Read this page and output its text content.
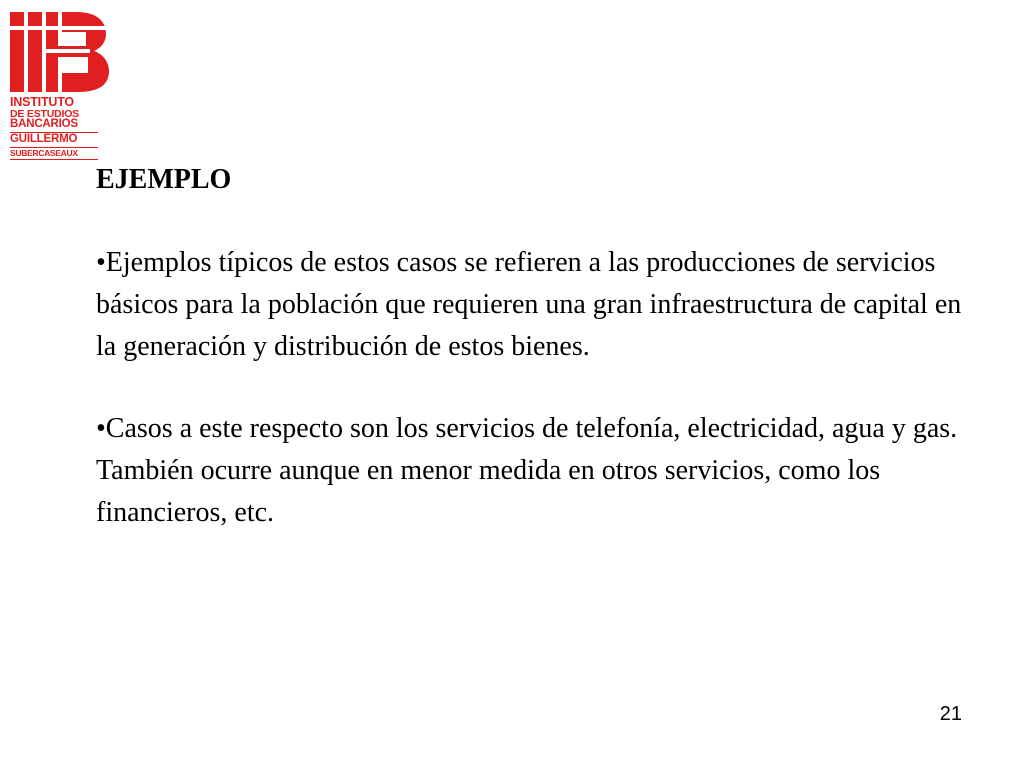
INSTITUTO
DE ESTUDIOS
BANCARIOS
GUILLERMO
SUBERCASEAUX

EJEMPLO

•Ejemplos típicos de estos casos se refieren a las producciones de servicios básicos para la población que requieren una gran infraestructura de capital en la generación y distribución de estos bienes.

•Casos a este respecto son los servicios de telefonía, electricidad, agua y gas. También ocurre aunque en menor medida en otros servicios, como los financieros, etc.

21
